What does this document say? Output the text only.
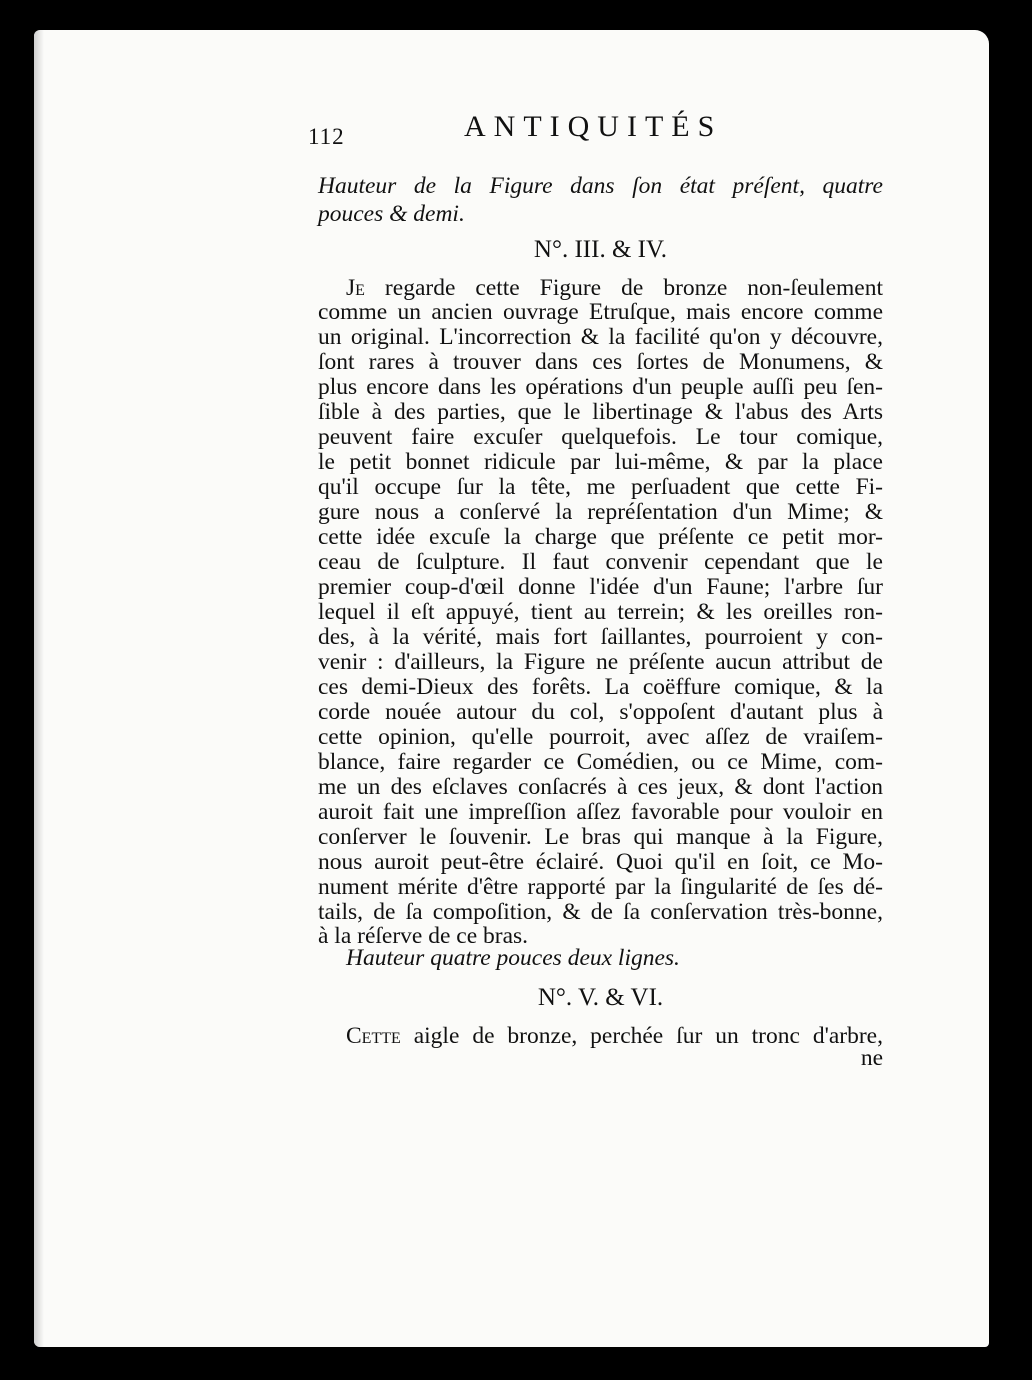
112	ANTIQUITÉS
Hauteur de la Figure dans ſon état préſent, quatre
pouces & demi.
N°. III. & IV.
Je regarde cette Figure de bronze non-ſeulement
comme un ancien ouvrage Etruſque, mais encore comme
un original. L'incorrection & la facilité qu'on y découvre,
ſont rares à trouver dans ces ſortes de Monumens, &
plus encore dans les opérations d'un peuple auſſi peu ſen-
ſible à des parties, que le libertinage & l'abus des Arts
peuvent faire excuſer quelquefois. Le tour comique,
le petit bonnet ridicule par lui-même, & par la place
qu'il occupe ſur la tête, me perſuadent que cette Fi-
gure nous a conſervé la repréſentation d'un Mime; &
cette idée excuſe la charge que préſente ce petit mor-
ceau de ſculpture. Il faut convenir cependant que le
premier coup-d'œil donne l'idée d'un Faune; l'arbre ſur
lequel il eſt appuyé, tient au terrein; & les oreilles ron-
des, à la vérité, mais fort ſaillantes, pourroient y con-
venir : d'ailleurs, la Figure ne préſente aucun attribut de
ces demi-Dieux des forêts. La coëffure comique, & la
corde nouée autour du col, s'oppoſent d'autant plus à
cette opinion, qu'elle pourroit, avec aſſez de vraiſem-
blance, faire regarder ce Comédien, ou ce Mime, com-
me un des eſclaves conſacrés à ces jeux, & dont l'action
auroit fait une impreſſion aſſez favorable pour vouloir en
conſerver le ſouvenir. Le bras qui manque à la Figure,
nous auroit peut-être éclairé. Quoi qu'il en ſoit, ce Mo-
nument mérite d'être rapporté par la ſingularité de ſes dé-
tails, de ſa compoſition, & de ſa conſervation très-bonne,
à la réſerve de ce bras.
Hauteur quatre pouces deux lignes.
N°. V. & VI.
Cette aigle de bronze, perchée ſur un tronc d'arbre,
ne
